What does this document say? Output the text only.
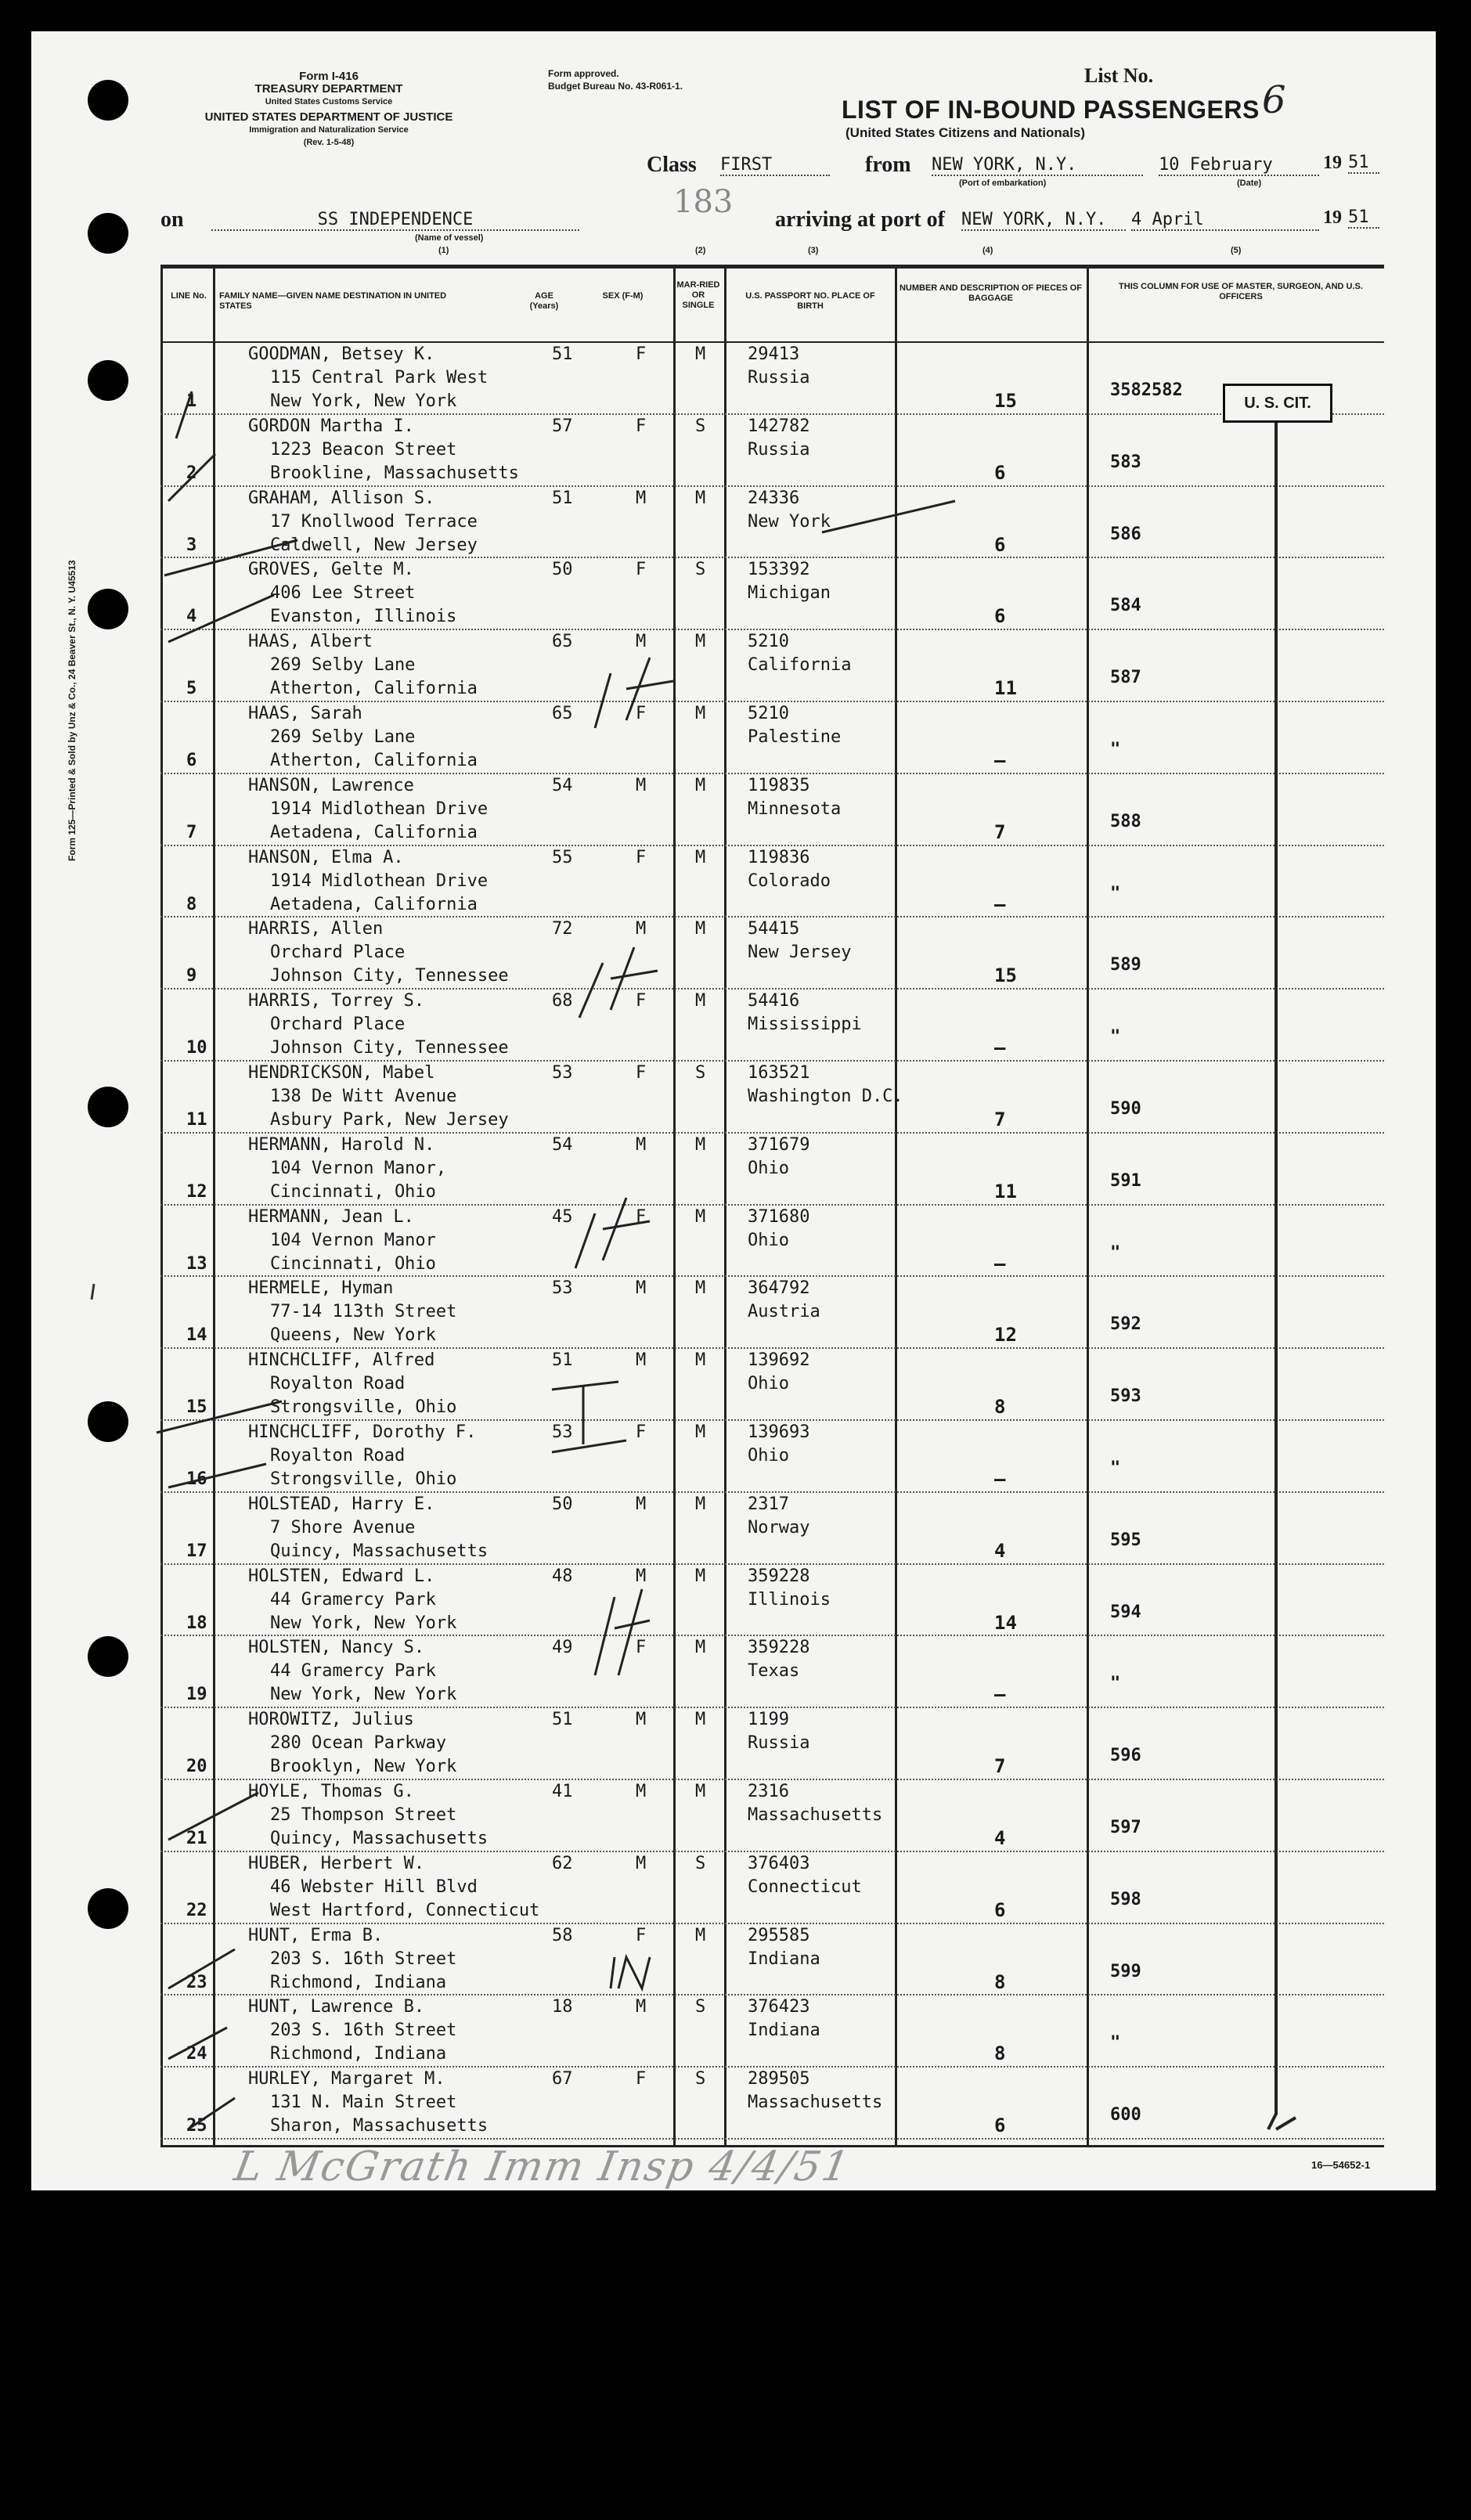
Form 125—Printed & Sold by Unz & Co., 24 Beaver St., N. Y. U45513
Form I-416
TREASURY DEPARTMENT
United States Customs Service
UNITED STATES DEPARTMENT OF JUSTICE
Immigration and Naturalization Service
(Rev. 1-5-48)
Form approved.
Budget Bureau No. 43-R061-1.	List No.
6
LIST OF IN-BOUND PASSENGERS
(United States Citizens and Nationals)
Class FIRST	from NEW YORK, N.Y.
(Port of embarkation)
10 February
(Date)
19 51
on	SS INDEPENDENCE
(Name of vessel)
(1)
183 arriving at port of NEW YORK, N.Y.	4 April	19 51
(2)	(3)	(4)	(5)
LINE No. FAMILY NAME—GIVEN NAME DESTINATION IN UNITED STATES
AGE (Years)
SEX (F-M)
MAR-RIED OR SINGLE
U.S. PASSPORT NO. PLACE OF BIRTH
NUMBER AND DESCRIPTION OF PIECES OF BAGGAGE
THIS COLUMN FOR USE OF MASTER, SURGEON, AND U.S. OFFICERS
GOODMAN, Betsey K.
115 Central Park West
New York, New York
51	F	M 29413
Russia
1	15	3582582
GORDON Martha I.
1223 Beacon Street
Brookline, Massachusetts
57	F	S 142782
Russia
2	6	583
GRAHAM, Allison S.
17 Knollwood Terrace
Caldwell, New Jersey
51	M	M 24336
New York
3	6	586
GROVES, Gelte M.
406 Lee Street
Evanston, Illinois
50	F	S 153392
Michigan
4	6	584
HAAS, Albert
269 Selby Lane
Atherton, California
65	M	M 5210
California
5	11	587
HAAS, Sarah
269 Selby Lane
Atherton, California
65	F	M 5210
Palestine
6	—	"
HANSON, Lawrence
1914 Midlothean Drive
Aetadena, California
54	M	M 119835
Minnesota
7	7	588
HANSON, Elma A.
1914 Midlothean Drive
Aetadena, California
55	F	M 119836
Colorado
8	—	"
HARRIS, Allen
Orchard Place
Johnson City, Tennessee
72	M	M 54415
New Jersey
9	15	589
HARRIS, Torrey S.
Orchard Place
Johnson City, Tennessee
68	F	M 54416
Mississippi
10	—	"
HENDRICKSON, Mabel
138 De Witt Avenue
Asbury Park, New Jersey
53	F	S 163521
Washington D.C.
11	7	590
HERMANN, Harold N.
104 Vernon Manor,
Cincinnati, Ohio
54	M	M 371679
Ohio
12	11	591
HERMANN, Jean L.
104 Vernon Manor
Cincinnati, Ohio
45	F	M 371680
Ohio
13	—	"
HERMELE, Hyman
77-14 113th Street
Queens, New York
53	M	M 364792
Austria
14	12	592
HINCHCLIFF, Alfred
Royalton Road
Strongsville, Ohio
51	M	M 139692
Ohio
15	8	593
HINCHCLIFF, Dorothy F.
Royalton Road
Strongsville, Ohio
53	F	M 139693
Ohio
16	—	"
HOLSTEAD, Harry E.
7 Shore Avenue
Quincy, Massachusetts
50	M	M 2317
Norway
17	4	595
HOLSTEN, Edward L.
44 Gramercy Park
New York, New York
48	M	M 359228
Illinois
18	14	594
HOLSTEN, Nancy S.
44 Gramercy Park
New York, New York
49	F	M 359228
Texas
19	—	"
HOROWITZ, Julius
280 Ocean Parkway
Brooklyn, New York
51	M	M 1199
Russia
20	7	596
HOYLE, Thomas G.
25 Thompson Street
Quincy, Massachusetts
41	M	M 2316
Massachusetts
21	4	597
HUBER, Herbert W.
46 Webster Hill Blvd
West Hartford, Connecticut
62	M	S 376403
Connecticut
22	6	598
HUNT, Erma B.
203 S. 16th Street
Richmond, Indiana
58	F	M 295585
Indiana
23	8	599
HUNT, Lawrence B.
203 S. 16th Street
Richmond, Indiana
18	M	S 376423
Indiana
24	8	"
HURLEY, Margaret M.
131 N. Main Street
Sharon, Massachusetts
67	F	S 289505
Massachusetts
25	6	600
U. S. CIT.
L McGrath Imm Insp 4/4/51	16—54652-1
